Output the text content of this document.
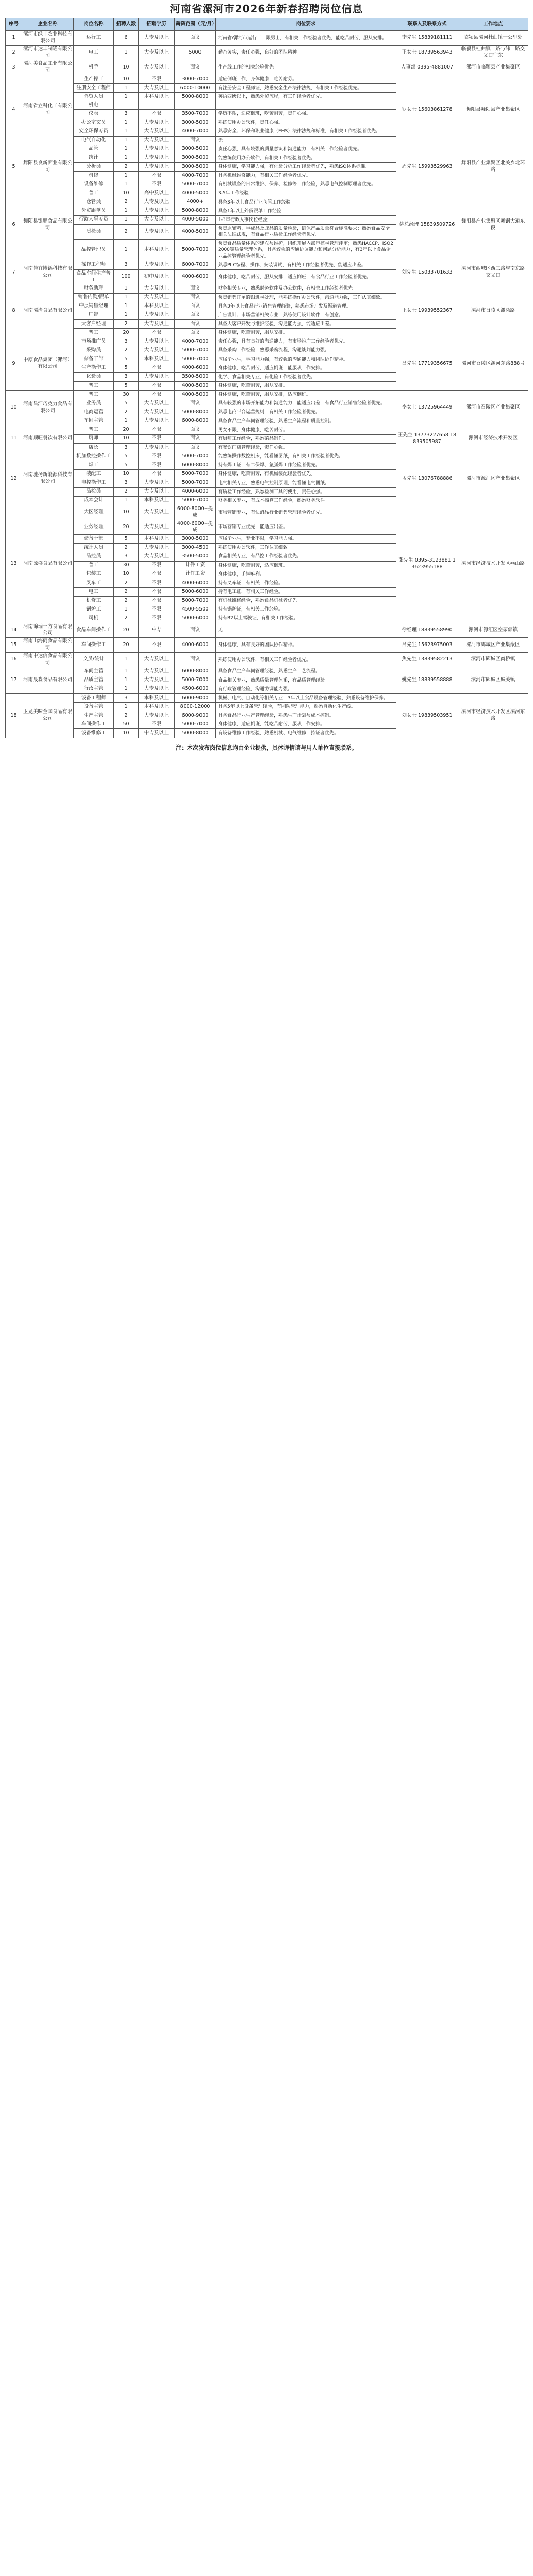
河南省漯河市2026年新春招聘岗位信息
序号	企业名称	岗位名称	招聘人数	招聘学历	薪资范围（元/月）	岗位要求	联系人及联系方式	工作地点
1	漯河市绿丰农业科技有限公司	运行工	6	大专及以上	面议	河南省/漯河市运行工，限男士，有相关工作经验者优先，能吃苦耐劳，服从安排。	李先生 15839181111	临颍县漯河杜曲镇一公里处
2	漯河市达丰制罐有限公司	电工	1	大专及以上	5000	勤奋务实，责任心强，良好的团队精神	王女士 18739563943	临颍县杜曲镇一路与纬一路交叉口往东
3	漯河美食品工业有限公司	机手	10	大专及以上	面议	生产线工作的相关经验优先	人事部 0395-4881007	漯河市临颍县产业集聚区
4	河南省立科化工有限公司	生产操工	10	不限	3000-7000	适应倒班工作，身体健康，吃苦耐劳。	罗女士 15603861278	舞阳县舞阳县产业集聚区
		注册安全工程师	1	大专及以上	6000-10000	有注册安全工程师证，熟悉安全生产法律法规，有相关工作经验优先。		
		外贸人员	1	本科及以上	5000-8000	英语四级以上，熟悉外贸流程，有工作经验者优先。		
		机电						
		仪表	3	不限	3500-7000	学历不限，适应倒班，吃苦耐劳，责任心强。		
		办公室文员	1	大专及以上	3000-5000	熟练使用办公软件，责任心强。		
		安全环保专员	1	大专及以上	4000-7000	熟悉安全、环保和职业健康（EHS）法律法规和标准，有相关工作经验者优先。		
		电气自动化	1	大专及以上	面议	无		
5	舞阳县良新面业有限公司	品管	1	大专及以上	3000-5000	责任心强，具有较强的质量意识和沟通能力，有相关工作经验者优先。	周先生 15993529963	舞阳县产业集聚区北关乡北环路
		统计	1	大专及以上	3000-5000	能熟练使用办公软件，有相关工作经验者优先。		
		分析员	2	大专及以上	3000-5000	身体健康，学习能力强，有化验分析工作经验者优先，熟悉ISO体系标准。		
		机修	1	不限	4000-7000	具备机械维修能力，有相关工作经验者优先。		
		设备维修	1	不限	5000-7000	有机械设备的日常维护、保养、检修等工作经验，熟悉电气控制原理者优先。		
6	舞阳县银鹏食品有限公司	普工	10	高中及以上	4000-5000	3-5年工作经验	姚总经理 15839509726	舞阳县产业集聚区舞钢大道东段
		仓管员	2	大专及以上	4000+	具备3年以上食品行业仓管工作经验		
		外贸跟单员	1	大专及以上	5000-8000	具备1年以上外贸跟单工作经验		
		行政人事专员	1	大专及以上	4000-5000	1-3年行政人事岗位经验		
		质检员	2	大专及以上	4000-5000	负责原辅料、半成品及成品的质量检验，确保产品质量符合标准要求；熟悉食品安全相关法律法规，有食品行业质检工作经验者优先。		
		品控管理员	1	本科及以上	5000-7000	负责食品质量体系的建立与维护，组织开展内部审核与管理评审；熟悉HACCP、ISO22000等质量管理体系，具备较强的沟通协调能力和问题分析能力，有3年以上食品企业品控管理经验者优先。		
7	河南佳宜博锦科技有限公司	操作工程师	3	大专及以上	6000-7000	熟悉PLC编程、操作、安装调试，有相关工作经验者优先，能适应出差。	刘先生 15033701633	漯河市西城区西三路与南京路交叉口
		食品车间生产普工	100	初中及以上	4000-6000	身体健康，吃苦耐劳，服从安排，适应倒班，有食品行业工作经验者优先。		
8	河南漯湾食品有限公司	财务助理	1	大专及以上	面议	财务相关专业，熟悉财务软件及办公软件，有相关工作经验者优先。	王女士 19939552367	漯河市召陵区漯湾路
		销售内勤/跟单	1	大专及以上	面议	负责销售订单的跟进与处理，能熟练操作办公软件，沟通能力强，工作认真细致。		
		中层销售经理	1	本科及以上	面议	具备3年以上食品行业销售管理经验，熟悉市场开发及渠道管理。		
		广告	1	大专及以上	面议	广告设计、市场营销相关专业，熟练使用设计软件，有创意。		
		大客户经理	2	大专及以上	面议	具备大客户开发与维护经验，沟通能力强，能适应出差。		
		普工	20	不限	面议	身体健康，吃苦耐劳，服从安排。		
9	中原食品集团（漯河）有限公司	市场推广员	3	大专及以上	4000-7000	责任心强，具有良好的沟通能力，有市场推广工作经验者优先。	吕先生 17719356675	漯河市召陵区漯河东路888号
		采购员	2	大专及以上	5000-7000	具备采购工作经验，熟悉采购流程，沟通谈判能力强。		
		储备干部	5	本科及以上	5000-7000	应届毕业生，学习能力强，有较强的沟通能力和团队协作精神。		
		生产操作工	5	不限	4000-6000	身体健康，吃苦耐劳，适应倒班，能服从工作安排。		
		化验员	3	大专及以上	3500-5000	化学、食品相关专业，有化验工作经验者优先。		
		普工	5	不限	4000-5000	身体健康，吃苦耐劳，服从安排。		
10	河南昌江巧克力食品有限公司	普工	30	不限	4000-5000	身体健康，吃苦耐劳，服从安排，适应倒班。	李女士 13725964449	漯河市召陵区产业集聚区
		业务员	5	大专及以上	面议	具有较强的市场开拓能力和沟通能力，能适应出差，有食品行业销售经验者优先。		
		电商运营	2	大专及以上	5000-8000	熟悉电商平台运营规则，有相关工作经验者优先。		
		车间主管	1	大专及以上	6000-8000	具备食品生产车间管理经验，熟悉生产流程和质量控制。		
11	河南顺旺餐饮有限公司	普工	20	不限	面议	男女不限，身体健康，吃苦耐劳。	王先生 13773227658 18839505987	漯河市经济技术开发区
		厨师	10	不限	面议	有厨师工作经验，熟悉菜品制作。		
		店长	3	大专及以上	面议	有餐饮门店管理经验，责任心强。		
12	河南驰扬新能源科技有限公司	机加数控操作工	5	不限	5000-7000	能熟练操作数控机床，能看懂图纸，有相关工作经验者优先。	孟先生 13076788886	漯河市源汇区产业集聚区
		焊工	5	不限	6000-8000	持有焊工证，有二保焊、氩弧焊工作经验者优先。		
		装配工	10	不限	5000-7000	身体健康，吃苦耐劳，有机械装配经验者优先。		
		电控操作工	3	大专及以上	5000-7000	电气相关专业，熟悉电气控制原理，能看懂电气图纸。		
		品检员	2	大专及以上	4000-6000	有质检工作经验，熟悉检测工具的使用，责任心强。		
		成本会计	1	本科及以上	5000-7000	财务相关专业，有成本核算工作经验，熟悉财务软件。		
13	河南源盛食品有限公司	大区经理	10	大专及以上	6000-8000+提成	市场营销专业，有快消品行业销售管理经验者优先。	张先生 0395-3123881 13623955188	漯河市经济技术开发区燕山路
		业务经理	20	大专及以上	4000-6000+提成	市场营销专业优先，能适应出差。		
		储备干部	5	本科及以上	3000-5000	应届毕业生，专业不限，学习能力强。		
		统计人员	2	大专及以上	3000-4500	熟练使用办公软件，工作认真细致。		
		品控员	3	大专及以上	3500-5000	食品相关专业，有品控工作经验者优先。		
		普工	30	不限	计件工资	身体健康，吃苦耐劳，适应倒班。		
		包装工	10	不限	计件工资	身体健康，手脚麻利。		
		叉车工	2	不限	4000-6000	持有叉车证，有相关工作经验。		
		电工	2	不限	5000-6000	持有电工证，有相关工作经验。		
		机修工	2	不限	5000-7000	有机械维修经验，熟悉食品机械者优先。		
		锅炉工	1	不限	4500-5500	持有锅炉证，有相关工作经验。		
		司机	2	不限	5000-6000	持有B2以上驾驶证，有相关工作经验。		
14	河南锦瑞一方食品有限公司	食品车间操作工	20	中专	面议	无	徐经理 18839558990	漯河市源汇区空冢郭镇
15	河南山海雨食品有限公司	车间操作工	20	不限	4000-6000	身体健康，具有良好的团队协作精神。	吕先生 15623975003	漯河市郾城区产业集聚区
16	河南中达信食品有限公司	文员/统计	1	大专及以上	面议	熟练使用办公软件，有相关工作经验者优先。	焦先生 13839582213	漯河市郾城区商桥镇
17	河南晟淼食品有限公司	车间主管	1	大专及以上	6000-8000	具备食品生产车间管理经验，熟悉生产工艺流程。	姚先生 18839558888	漯河市郾城区城关镇
		品质主管	1	大专及以上	5000-7000	食品相关专业，熟悉质量管理体系，有品质管理经验。		
		行政主管	1	大专及以上	4500-6000	有行政管理经验，沟通协调能力强。		
18	卫龙美味全国食品有限公司	设备工程师	3	本科及以上	6000-9000	机械、电气、自动化等相关专业，3年以上食品设备管理经验，熟悉设备维护保养。	刘女士 19839503951	漯河市经济技术开发区漯河东路
		设备主管	1	本科及以上	8000-12000	具备5年以上设备管理经验，有团队管理能力，熟悉自动化生产线。		
		生产主管	2	大专及以上	6000-9000	具备食品行业生产管理经验，熟悉生产计划与成本控制。		
		车间操作工	50	不限	5000-7000	身体健康，适应倒班，能吃苦耐劳，服从工作安排。		
		设备维修工	10	中专及以上	5000-8000	有设备维修工作经验，熟悉机械、电气维修，持证者优先。		
注：本次发布岗位信息均由企业提供，具体详情请与用人单位直接联系。
